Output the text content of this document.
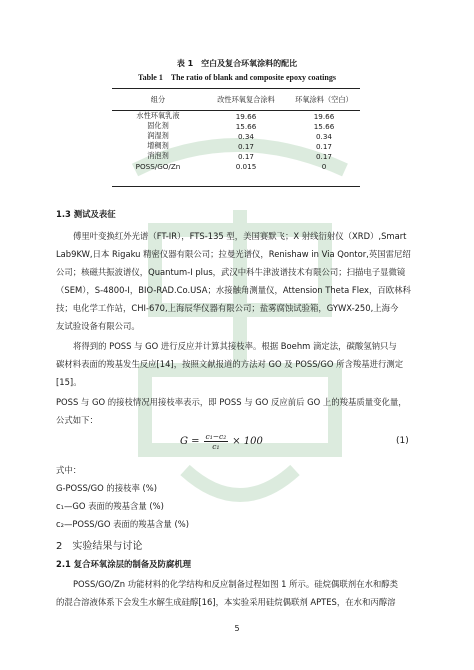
表 1　空白及复合环氧涂料的配比
Table 1　The ratio of blank and composite epoxy coatings
组分	改性环氧复合涂料	环氧涂料（空白）
水性环氧乳液	19.66	19.66
固化剂	15.66	15.66
润湿剂	0.34	0.34
增稠剂	0.17	0.17
消泡剂	0.17	0.17
POSS/GO/Zn	0.015	0
1.3 测试及表征
傅里叶变换红外光谱（FT-IR），FTS-135 型，美国赛默飞；X 射线衍射仪（XRD）,Smart
Lab9KW,日本 Rigaku 精密仪器有限公司；拉曼光谱仪，Renishaw in Via Qontor,英国雷尼绍
公司；核磁共振波谱仪，Quantum-I plus，武汉中科牛津波谱技术有限公司；扫描电子显微镜
（SEM），S-4800-I，BIO-RAD.Co.USA；水接触角测量仪，Attension Theta Flex，百欧林科
技；电化学工作站，CHI-670,上海辰华仪器有限公司；盐雾腐蚀试验箱，GYWX-250,上海今
友试验设备有限公司。
将得到的 POSS 与 GO 进行反应并计算其接枝率。根据 Boehm 滴定法，碳酸氢钠只与
碳材料表面的羧基发生反应[14]，按照文献报道的方法对 GO 及 POSS/GO 所含羧基进行测定
[15]。
POSS 与 GO 的接枝情况用接枝率表示，即 POSS 与 GO 反应前后 GO 上的羧基质量变化量，
公式如下：
$G = \frac{\text{c₁−c₂}}{\text{c₁}} \times 100$	(1)
式中：
G-POSS/GO 的接枝率 (%)
c₁—GO 表面的羧基含量 (%)
c₂—POSS/GO 表面的羧基含量 (%)
2　实验结果与讨论
2.1 复合环氧涂层的制备及防腐机理
POSS/GO/Zn 功能材料的化学结构和反应制备过程如图 1 所示。硅烷偶联剂在水和醇类
的混合溶液体系下会发生水解生成硅醇[16]，本实验采用硅烷偶联剂 APTES，在水和丙醇溶
5
